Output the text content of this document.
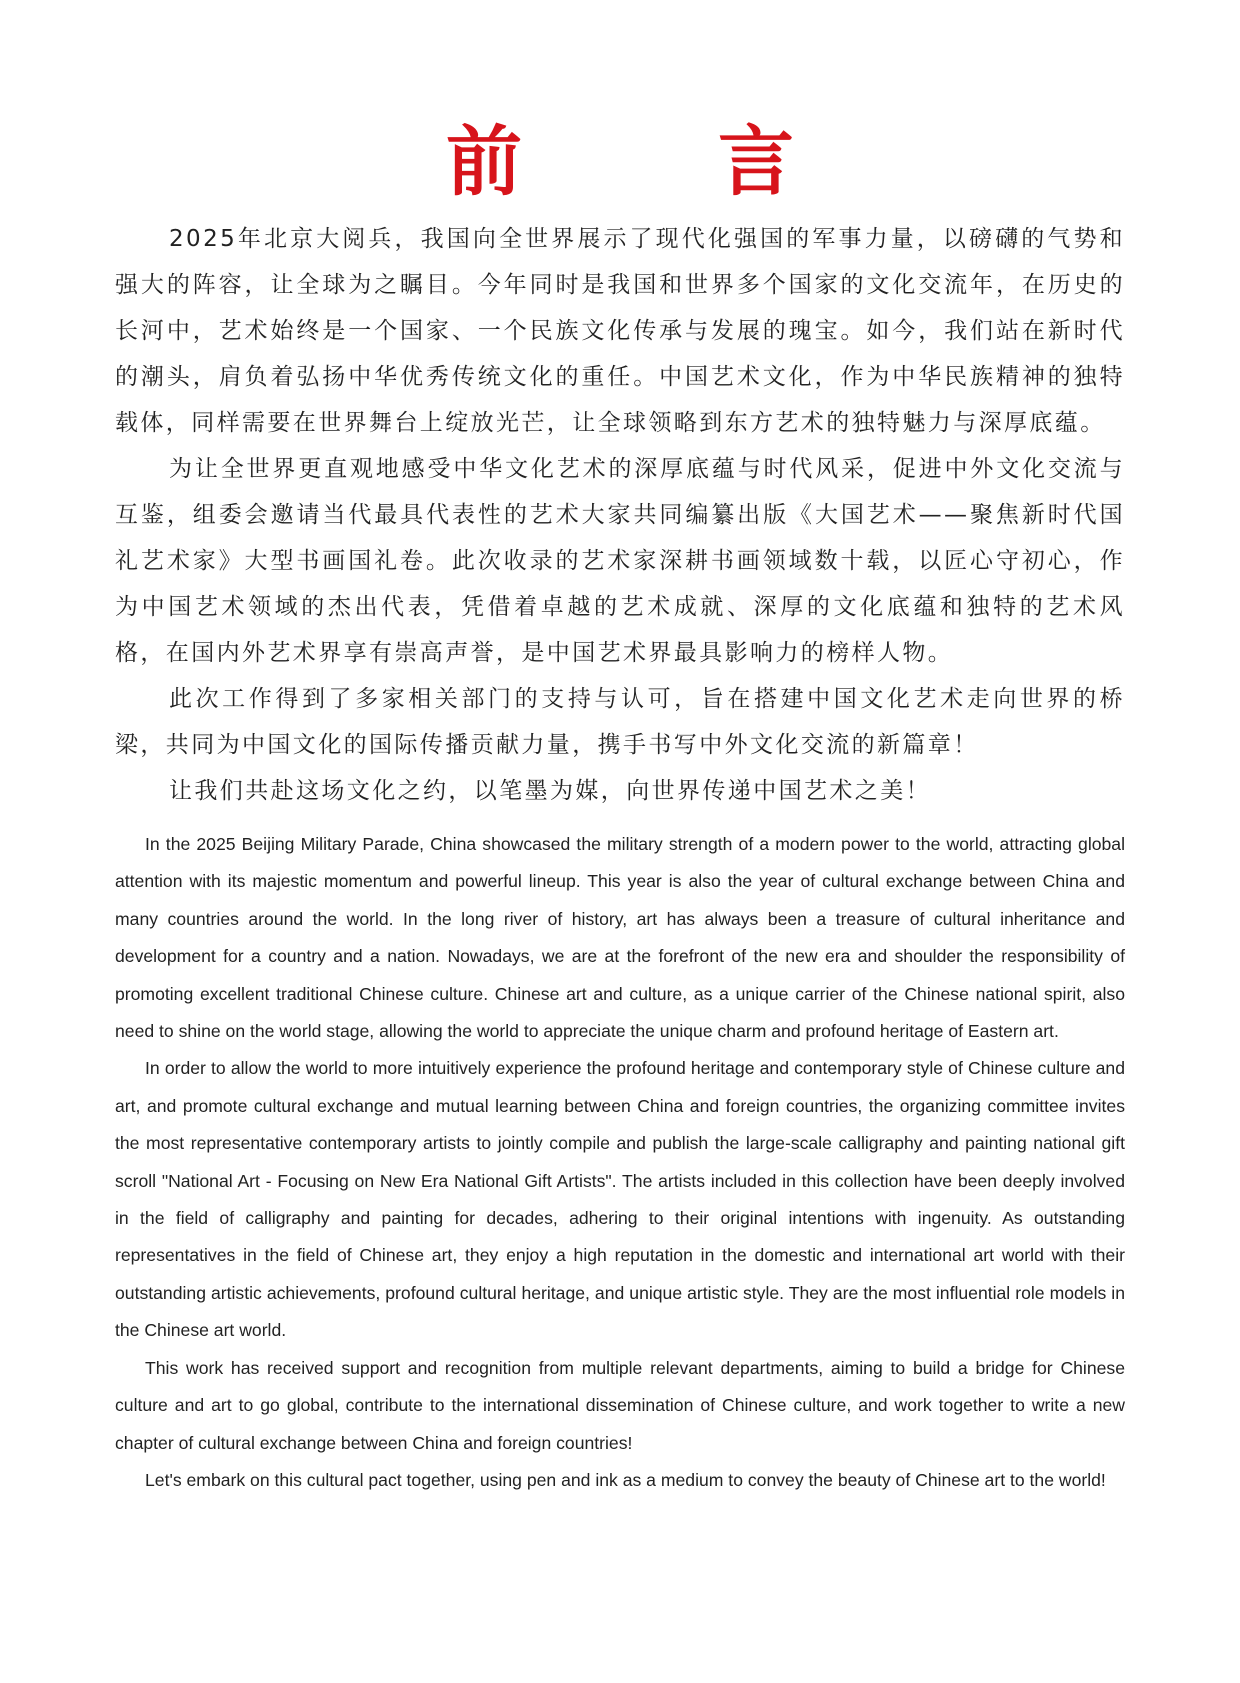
前　言

2025年北京大阅兵，我国向全世界展示了现代化强国的军事力量，以磅礴的气势和强大的阵容，让全球为之瞩目。今年同时是我国和世界多个国家的文化交流年，在历史的长河中，艺术始终是一个国家、一个民族文化传承与发展的瑰宝。如今，我们站在新时代的潮头，肩负着弘扬中华优秀传统文化的重任。中国艺术文化，作为中华民族精神的独特载体，同样需要在世界舞台上绽放光芒，让全球领略到东方艺术的独特魅力与深厚底蕴。

为让全世界更直观地感受中华文化艺术的深厚底蕴与时代风采，促进中外文化交流与互鉴，组委会邀请当代最具代表性的艺术大家共同编纂出版《大国艺术——聚焦新时代国礼艺术家》大型书画国礼卷。此次收录的艺术家深耕书画领域数十载，以匠心守初心，作为中国艺术领域的杰出代表，凭借着卓越的艺术成就、深厚的文化底蕴和独特的艺术风格，在国内外艺术界享有崇高声誉，是中国艺术界最具影响力的榜样人物。

此次工作得到了多家相关部门的支持与认可，旨在搭建中国文化艺术走向世界的桥梁，共同为中国文化的国际传播贡献力量，携手书写中外文化交流的新篇章！

让我们共赴这场文化之约，以笔墨为媒，向世界传递中国艺术之美！

In the 2025 Beijing Military Parade, China showcased the military strength of a modern power to the world, attracting global attention with its majestic momentum and powerful lineup. This year is also the year of cultural exchange between China and many countries around the world. In the long river of history, art has always been a treasure of cultural inheritance and development for a country and a nation. Nowadays, we are at the forefront of the new era and shoulder the responsibility of promoting excellent traditional Chinese culture. Chinese art and culture, as a unique carrier of the Chinese national spirit, also need to shine on the world stage, allowing the world to appreciate the unique charm and profound heritage of Eastern art.

In order to allow the world to more intuitively experience the profound heritage and contemporary style of Chinese culture and art, and promote cultural exchange and mutual learning between China and foreign countries, the organizing committee invites the most representative contemporary artists to jointly compile and publish the large-scale calligraphy and painting national gift scroll "National Art - Focusing on New Era National Gift Artists". The artists included in this collection have been deeply involved in the field of calligraphy and painting for decades, adhering to their original intentions with ingenuity. As outstanding representatives in the field of Chinese art, they enjoy a high reputation in the domestic and international art world with their outstanding artistic achievements, profound cultural heritage, and unique artistic style. They are the most influential role models in the Chinese art world.

This work has received support and recognition from multiple relevant departments, aiming to build a bridge for Chinese culture and art to go global, contribute to the international dissemination of Chinese culture, and work together to write a new chapter of cultural exchange between China and foreign countries!

Let's embark on this cultural pact together, using pen and ink as a medium to convey the beauty of Chinese art to the world!
